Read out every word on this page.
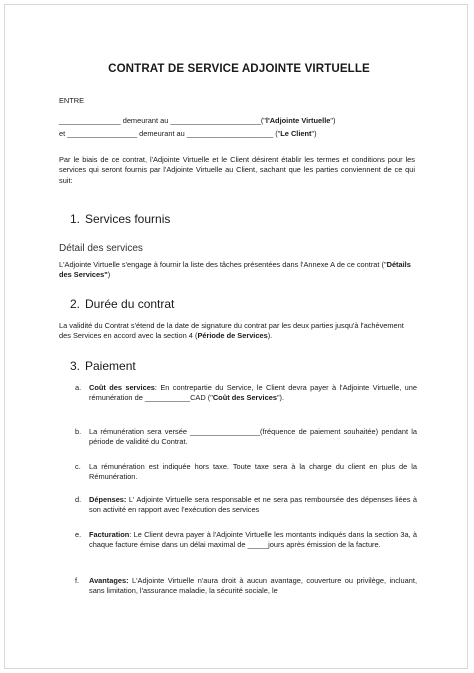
CONTRAT DE SERVICE ADJOINTE VIRTUELLE
ENTRE
_______________ demeurant au ______________________("l'Adjointe Virtuelle")
et _________________ demeurant au _____________________ ("Le Client")
Par le biais de ce contrat, l'Adjointe Virtuelle et le Client désirent établir les termes et conditions pour les services qui seront fournis par l'Adjointe Virtuelle au Client, sachant que les parties conviennent de ce qui suit:
1. Services fournis
Détail des services
L'Adjointe Virtuelle s'engage à fournir la liste des tâches présentées dans l'Annexe A de ce contrat ("Détails des Services")
2. Durée du contrat
La validité du Contrat s'étend de la date de signature du contrat par les deux parties jusqu'à l'achèvement des Services en accord avec la section 4 (Période de Services).
3. Paiement
a. Coût des services: En contrepartie du Service, le Client devra payer à l'Adjointe Virtuelle, une rémunération de ___________CAD ("Coût des Services").
b. La rémunération sera versée _________________(fréquence de paiement souhaitée) pendant la période de validité du Contrat.
c. La rémunération est indiquée hors taxe. Toute taxe sera à la charge du client en plus de la Rémunération.
d. Dépenses: L' Adjointe Virtuelle sera responsable et ne sera pas remboursée des dépenses liées à son activité en rapport avec l'exécution des services
e. Facturation: Le Client devra payer à l'Adjointe Virtuelle les montants indiqués dans la section 3a, à chaque facture émise dans un délai maximal de _____jours après émission de la facture.
f. Avantages: L'Adjointe Virtuelle n'aura droit à aucun avantage, couverture ou privilège, incluant, sans limitation, l'assurance maladie, la sécurité sociale, le
